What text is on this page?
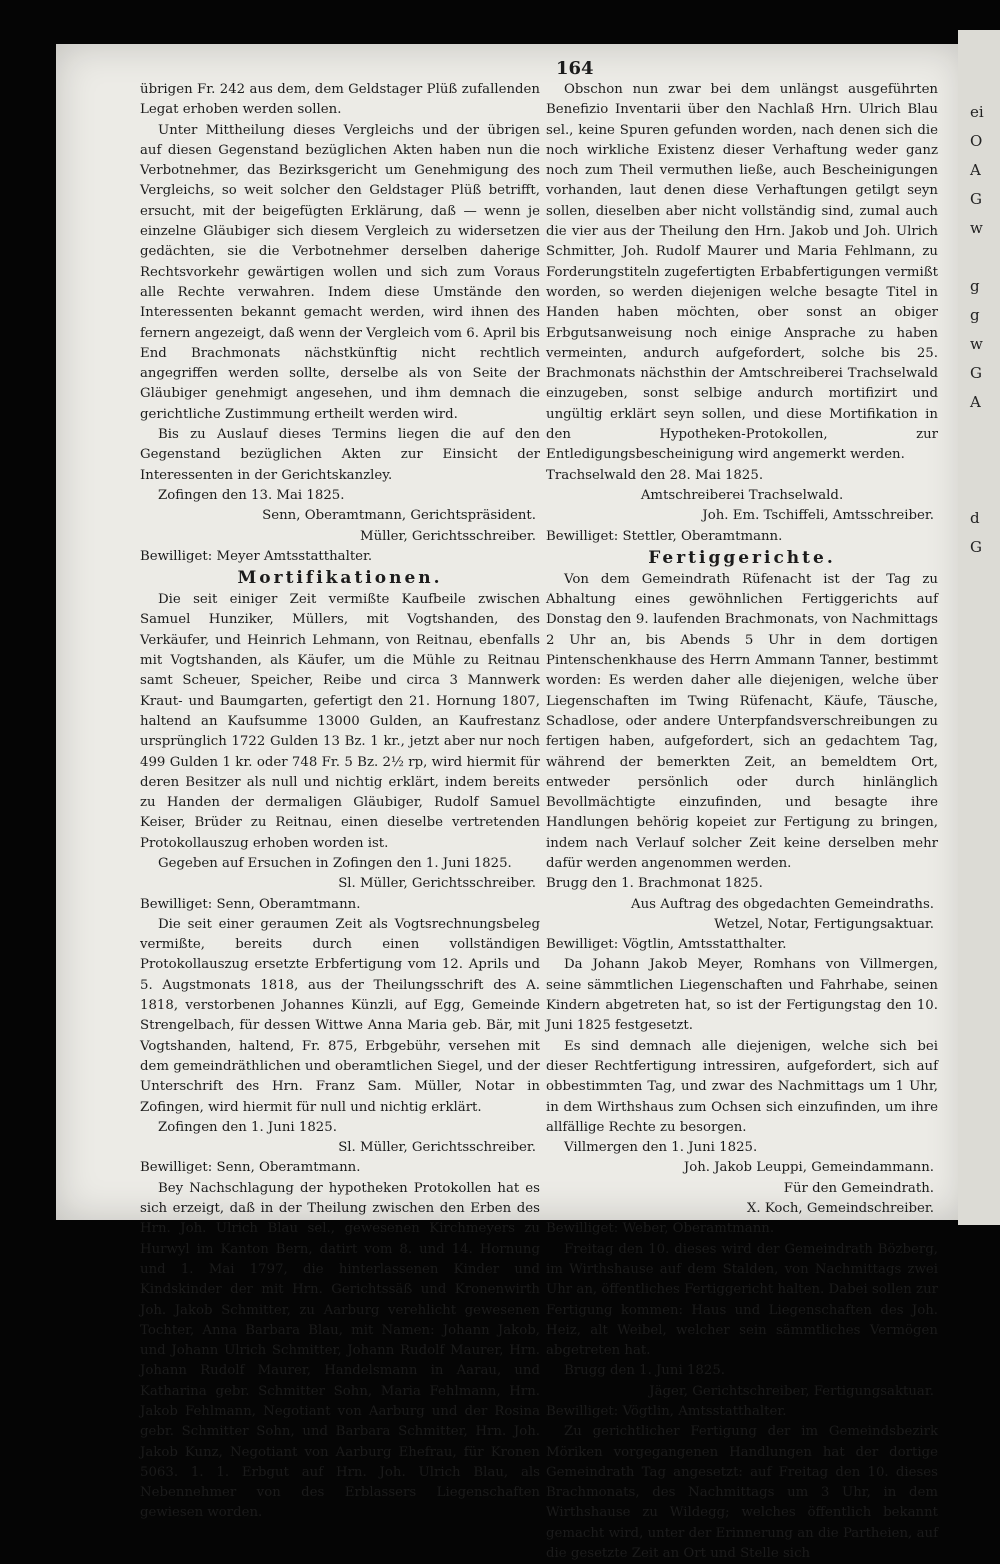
164

übrigen Fr. 242 aus dem, dem Geldstager Plüß zufallenden Legat erhoben werden sollen.

Unter Mittheilung dieses Vergleichs und der übrigen auf diesen Gegenstand bezüglichen Akten haben nun die Verbotnehmer, das Bezirksgericht um Genehmigung des Vergleichs, so weit solcher den Geldstager Plüß betrifft, ersucht, mit der beigefügten Erklärung, daß — wenn je einzelne Gläubiger sich diesem Vergleich zu widersetzen gedächten, sie die Verbotnehmer derselben daherige Rechtsvorkehr gewärtigen wollen und sich zum Voraus alle Rechte verwahren. Indem diese Umstände den Interessenten bekannt gemacht werden, wird ihnen des fernern angezeigt, daß wenn der Vergleich vom 6. April bis End Brachmonats nächstkünftig nicht rechtlich angegriffen werden sollte, derselbe als von Seite der Gläubiger genehmigt angesehen, und ihm demnach die gerichtliche Zustimmung ertheilt werden wird.

Bis zu Auslauf dieses Termins liegen die auf den Gegenstand bezüglichen Akten zur Einsicht der Interessenten in der Gerichtskanzley.

Zofingen den 13. Mai 1825.

Senn, Oberamtmann, Gerichtspräsident.

Müller, Gerichtsschreiber.

Bewilliget: Meyer Amtsstatthalter.

Mortifikationen.

Die seit einiger Zeit vermißte Kaufbeile zwischen Samuel Hunziker, Müllers, mit Vogtshanden, des Verkäufer, und Heinrich Lehmann, von Reitnau, ebenfalls mit Vogtshanden, als Käufer, um die Mühle zu Reitnau samt Scheuer, Speicher, Reibe und circa 3 Mannwerk Kraut- und Baumgarten, gefertigt den 21. Hornung 1807, haltend an Kaufsumme 13000 Gulden, an Kaufrestanz ursprünglich 1722 Gulden 13 Bz. 1 kr., jetzt aber nur noch 499 Gulden 1 kr. oder 748 Fr. 5 Bz. 2½ rp, wird hiermit für deren Besitzer als null und nichtig erklärt, indem bereits zu Handen der dermaligen Gläubiger, Rudolf Samuel Keiser, Brüder zu Reitnau, einen dieselbe vertretenden Protokollauszug erhoben worden ist.

Gegeben auf Ersuchen in Zofingen den 1. Juni 1825.

Sl. Müller, Gerichtsschreiber.

Bewilliget: Senn, Oberamtmann.

Die seit einer geraumen Zeit als Vogtsrechnungsbeleg vermißte, bereits durch einen vollständigen Protokollauszug ersetzte Erbfertigung vom 12. Aprils und 5. Augstmonats 1818, aus der Theilungsschrift des A. 1818, verstorbenen Johannes Künzli, auf Egg, Gemeinde Strengelbach, für dessen Wittwe Anna Maria geb. Bär, mit Vogtshanden, haltend, Fr. 875, Erbgebühr, versehen mit dem gemeindräthlichen und oberamtlichen Siegel, und der Unterschrift des Hrn. Franz Sam. Müller, Notar in Zofingen, wird hiermit für null und nichtig erklärt.

Zofingen den 1. Juni 1825.

Sl. Müller, Gerichtsschreiber.

Bewilliget: Senn, Oberamtmann.

Bey Nachschlagung der hypotheken Protokollen hat es sich erzeigt, daß in der Theilung zwischen den Erben des Hrn. Joh. Ulrich Blau sel., gewesenen Kirchmeyers zu Hurwyl im Kanton Bern, datirt vom 8. und 14. Hornung und 1. Mai 1797, die hinterlassenen Kinder und Kindskinder der mit Hrn. Gerichtssäß und Kronenwirth Joh. Jakob Schmitter, zu Aarburg verehlicht gewesenen Tochter, Anna Barbara Blau, mit Namen: Johann Jakob, und Johann Ulrich Schmitter, Johann Rudolf Maurer, Hrn. Johann Rudolf Maurer, Handelsmann in Aarau, und Katharina gebr. Schmitter Sohn, Maria Fehlmann, Hrn. Jakob Fehlmann, Negotiant von Aarburg und der Rosina gebr. Schmitter Sohn, und Barbara Schmitter, Hrn. Joh. Jakob Kunz, Negotiant von Aarburg Ehefrau, für Kronen 5063. 1. 1. Erbgut auf Hrn. Joh. Ulrich Blau, als Nebennehmer von des Erblassers Liegenschaften gewiesen worden.

Obschon nun zwar bei dem unlängst ausgeführten Benefizio Inventarii über den Nachlaß Hrn. Ulrich Blau sel., keine Spuren gefunden worden, nach denen sich die noch wirkliche Existenz dieser Verhaftung weder ganz noch zum Theil vermuthen ließe, auch Bescheinigungen vorhanden, laut denen diese Verhaftungen getilgt seyn sollen, dieselben aber nicht vollständig sind, zumal auch die vier aus der Theilung den Hrn. Jakob und Joh. Ulrich Schmitter, Joh. Rudolf Maurer und Maria Fehlmann, zu Forderungstiteln zugefertigten Erbabfertigungen vermißt worden, so werden diejenigen welche besagte Titel in Handen haben möchten, ober sonst an obiger Erbgutsanweisung noch einige Ansprache zu haben vermeinten, andurch aufgefordert, solche bis 25. Brachmonats nächsthin der Amtschreiberei Trachselwald einzugeben, sonst selbige andurch mortifizirt und ungültig erklärt seyn sollen, und diese Mortifikation in den Hypotheken-Protokollen, zur Entledigungsbescheinigung wird angemerkt werden.

Trachselwald den 28. Mai 1825.

Amtschreiberei Trachselwald.

Joh. Em. Tschiffeli, Amtsschreiber.

Bewilliget: Stettler, Oberamtmann.

Fertiggerichte.

Von dem Gemeindrath Rüfenacht ist der Tag zu Abhaltung eines gewöhnlichen Fertiggerichts auf Donstag den 9. laufenden Brachmonats, von Nachmittags 2 Uhr an, bis Abends 5 Uhr in dem dortigen Pintenschenkhause des Herrn Ammann Tanner, bestimmt worden: Es werden daher alle diejenigen, welche über Liegenschaften im Twing Rüfenacht, Käufe, Täusche, Schadlose, oder andere Unterpfandsverschreibungen zu fertigen haben, aufgefordert, sich an gedachtem Tag, während der bemerkten Zeit, an bemeldtem Ort, entweder persönlich oder durch hinlänglich Bevollmächtigte einzufinden, und besagte ihre Handlungen behörig kopeiet zur Fertigung zu bringen, indem nach Verlauf solcher Zeit keine derselben mehr dafür werden angenommen werden.

Brugg den 1. Brachmonat 1825.

Aus Auftrag des obgedachten Gemeindraths.

Wetzel, Notar, Fertigungsaktuar.

Bewilliget: Vögtlin, Amtsstatthalter.

Da Johann Jakob Meyer, Romhans von Villmergen, seine sämmtlichen Liegenschaften und Fahrhabe, seinen Kindern abgetreten hat, so ist der Fertigungstag den 10. Juni 1825 festgesetzt.

Es sind demnach alle diejenigen, welche sich bei dieser Rechtfertigung intressiren, aufgefordert, sich auf obbestimmten Tag, und zwar des Nachmittags um 1 Uhr, in dem Wirthshaus zum Ochsen sich einzufinden, um ihre allfällige Rechte zu besorgen.

Villmergen den 1. Juni 1825.

Joh. Jakob Leuppi, Gemeindammann.

Für den Gemeindrath.

X. Koch, Gemeindschreiber.

Bewilliget: Weber, Oberamtmann.

Freitag den 10. dieses wird der Gemeindrath Bözberg, im Wirthshause auf dem Stalden, von Nachmittags zwei Uhr an, öffentliches Fertiggericht halten. Dabei sollen zur Fertigung kommen: Haus und Liegenschaften des Joh. Heiz, alt Weibel, welcher sein sämmtliches Vermögen abgetreten hat.

Brugg den 1. Juni 1825.

Jäger, Gerichtschreiber, Fertigungsaktuar.

Bewilliget: Vögtlin, Amtsstatthalter.

Zu gerichtlicher Fertigung der im Gemeindsbezirk Möriken vorgegangenen Handlungen hat der dortige Gemeindrath Tag angesetzt: auf Freitag den 10. dieses Brachmonats, des Nachmittags um 3 Uhr, in dem Wirthshause zu Wildegg; welches öffentlich bekannt gemacht wird, unter der Erinnerung an die Partheien, auf die gesetzte Zeit an Ort und Stelle sich

ei
O
A
G
w
g
g
w
G
A
d
G
